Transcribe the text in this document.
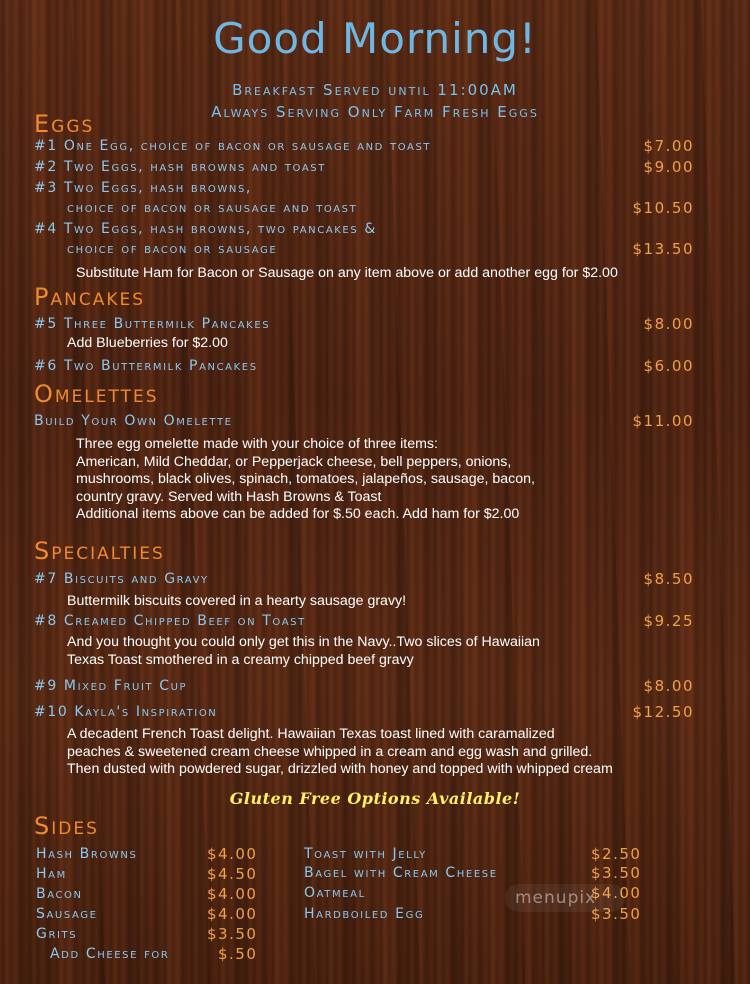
Good Morning!
Breakfast Served until 11:00AM
Always Serving Only Farm Fresh Eggs
Eggs
#1 One Egg, choice of bacon or sausage and toast	$7.00
#2 Two Eggs, hash browns and toast	$9.00
#3 Two Eggs, hash browns,
choice of bacon or sausage and toast	$10.50
#4 Two Eggs, hash browns, two pancakes &
choice of bacon or sausage	$13.50
Substitute Ham for Bacon or Sausage on any item above or add another egg for $2.00
Pancakes
#5 Three Buttermilk Pancakes	$8.00
Add Blueberries for $2.00
#6 Two Buttermilk Pancakes	$6.00
Omelettes
Build Your Own Omelette	$11.00
Three egg omelette made with your choice of three items:
American, Mild Cheddar, or Pepperjack cheese, bell peppers, onions,
mushrooms, black olives, spinach, tomatoes, jalapeños, sausage, bacon,
country gravy. Served with Hash Browns & Toast
Additional items above can be added for $.50 each. Add ham for $2.00
Specialties
#7 Biscuits and Gravy	$8.50
Buttermilk biscuits covered in a hearty sausage gravy!
#8 Creamed Chipped Beef on Toast	$9.25
And you thought you could only get this in the Navy..Two slices of Hawaiian
Texas Toast smothered in a creamy chipped beef gravy
#9 Mixed Fruit Cup	$8.00
#10 Kayla's Inspiration	$12.50
A decadent French Toast delight. Hawaiian Texas toast lined with caramalized
peaches & sweetened cream cheese whipped in a cream and egg wash and grilled.
Then dusted with powdered sugar, drizzled with honey and topped with whipped cream
Gluten Free Options Available!
Sides
Hash Browns	$4.00
Ham	$4.50
Bacon	$4.00
Sausage	$4.00
Grits	$3.50
Add Cheese for	$.50
Toast with Jelly	$2.50
Bagel with Cream Cheese	$3.50
Oatmeal	$4.00
Hardboiled Egg	$3.50
menupix
